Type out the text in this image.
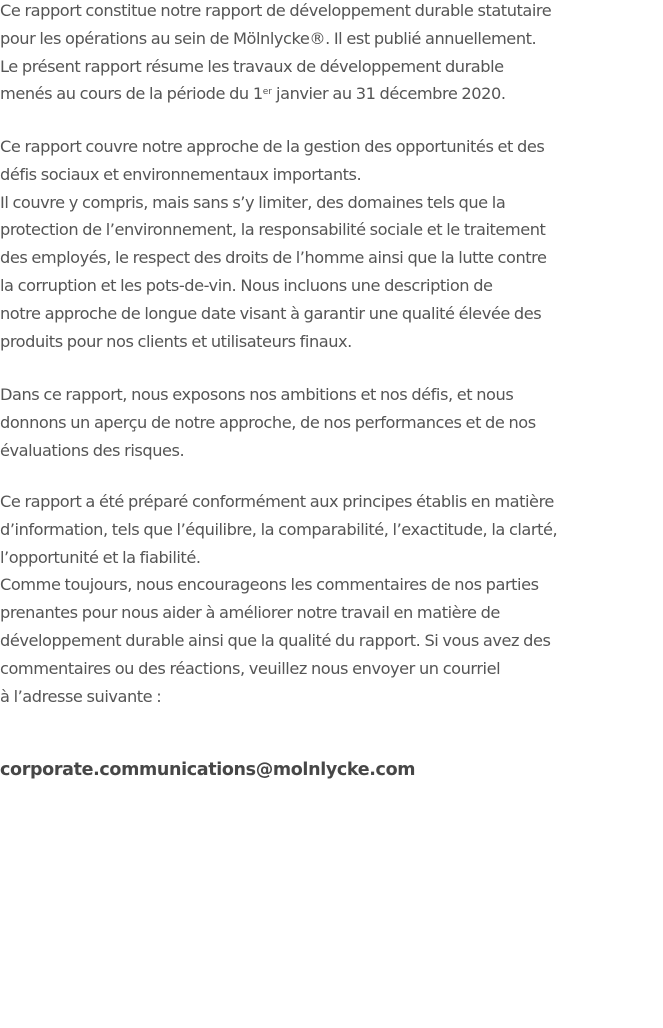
Ce rapport constitue notre rapport de développement durable statutaire
pour les opérations au sein de Mölnlycke®. Il est publié annuellement.
Le présent rapport résume les travaux de développement durable
menés au cours de la période du 1er janvier au 31 décembre 2020.

Ce rapport couvre notre approche de la gestion des opportunités et des
défis sociaux et environnementaux importants.
Il couvre y compris, mais sans s’y limiter, des domaines tels que la
protection de l’environnement, la responsabilité sociale et le traitement
des employés, le respect des droits de l’homme ainsi que la lutte contre
la corruption et les pots-de-vin. Nous incluons une description de
notre approche de longue date visant à garantir une qualité élevée des
produits pour nos clients et utilisateurs finaux.

Dans ce rapport, nous exposons nos ambitions et nos défis, et nous
donnons un aperçu de notre approche, de nos performances et de nos
évaluations des risques.

Ce rapport a été préparé conformément aux principes établis en matière
d’information, tels que l’équilibre, la comparabilité, l’exactitude, la clarté,
l’opportunité et la fiabilité.
Comme toujours, nous encourageons les commentaires de nos parties
prenantes pour nous aider à améliorer notre travail en matière de
développement durable ainsi que la qualité du rapport. Si vous avez des
commentaires ou des réactions, veuillez nous envoyer un courriel
à l’adresse suivante :

corporate.communications@molnlycke.com
